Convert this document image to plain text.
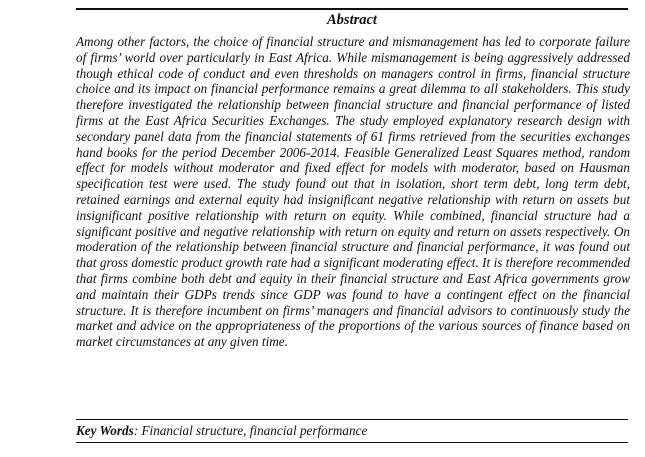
Abstract

Among other factors, the choice of financial structure and mismanagement has led to corporate failure of firms’ world over particularly in East Africa. While mismanagement is being aggressively addressed though ethical code of conduct and even thresholds on managers control in firms, financial structure choice and its impact on financial performance remains a great dilemma to all stakeholders. This study therefore investigated the relationship between financial structure and financial performance of listed firms at the East Africa Securities Exchanges. The study employed explanatory research design with secondary panel data from the financial statements of 61 firms retrieved from the securities exchanges hand books for the period December 2006-2014. Feasible Generalized Least Squares method, random effect for models without moderator and fixed effect for models with moderator, based on Hausman specification test were used. The study found out that in isolation, short term debt, long term debt, retained earnings and external equity had insignificant negative relationship with return on assets but insignificant positive relationship with return on equity. While combined, financial structure had a significant positive and negative relationship with return on equity and return on assets respectively. On moderation of the relationship between financial structure and financial performance, it was found out that gross domestic product growth rate had a significant moderating effect. It is therefore recommended that firms combine both debt and equity in their financial structure and East Africa governments grow and maintain their GDPs trends since GDP was found to have a contingent effect on the financial structure. It is therefore incumbent on firms’ managers and financial advisors to continuously study the market and advice on the appropriateness of the proportions of the various sources of finance based on market circumstances at any given time.

Key Words: Financial structure, financial performance
